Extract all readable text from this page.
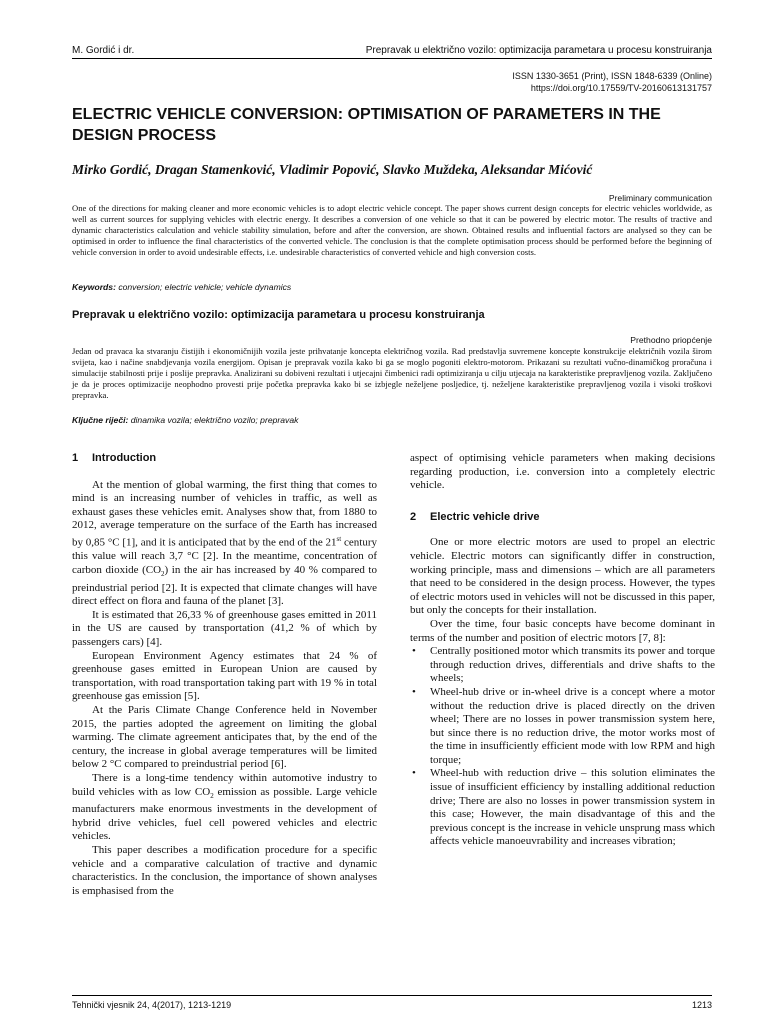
M. Gordić i dr.	Prepravak u električno vozilo: optimizacija parametara u procesu konstruiranja
ISSN 1330-3651 (Print), ISSN 1848-6339 (Online)
https://doi.org/10.17559/TV-20160613131757
ELECTRIC VEHICLE CONVERSION: OPTIMISATION OF PARAMETERS IN THE DESIGN PROCESS
Mirko Gordić, Dragan Stamenković, Vladimir Popović, Slavko Muždeka, Aleksandar Mićović
Preliminary communication

One of the directions for making cleaner and more economic vehicles is to adopt electric vehicle concept. The paper shows current design concepts for electric vehicles worldwide, as well as current sources for supplying vehicles with electric energy. It describes a conversion of one vehicle so that it can be powered by electric motor. The results of tractive and dynamic characteristics calculation and vehicle stability simulation, before and after the conversion, are shown. Obtained results and influential factors are analysed so they can be optimised in order to influence the final characteristics of the converted vehicle. The conclusion is that the complete optimisation process should be performed before the beginning of vehicle conversion in order to avoid undesirable effects, i.e. undesirable characteristics of converted vehicle and high conversion costs.

Keywords: conversion; electric vehicle; vehicle dynamics
Prepravak u električno vozilo: optimizacija parametara u procesu konstruiranja
Prethodno priopćenje

Jedan od pravaca ka stvaranju čistijih i ekonomičnijih vozila jeste prihvatanje koncepta električnog vozila. Rad predstavlja suvremene koncepte konstrukcije električnih vozila širom svijeta, kao i načine snabdjevanja vozila energijom. Opisan je prepravak vozila kako bi ga se moglo pogoniti elektro-motorom. Prikazani su rezultati vučno-dinamičkog proračuna i simulacije stabilnosti prije i poslije prepravka. Analizirani su dobiveni rezultati i utjecajni čimbenici radi optimiziranja u cilju utjecaja na karakteristike prepravljenog vozila. Zaključeno je da je proces optimizacije neophodno provesti prije početka prepravka kako bi se izbjegle neželjene posljedice, tj. neželjene karakteristike prepravljenog vozila i visoki troškovi prepravka.

Ključne riječi: dinamika vozila; električno vozilo; prepravak
1	Introduction

At the mention of global warming, the first thing that comes to mind is an increasing number of vehicles in traffic, as well as exhaust gases these vehicles emit. Analyses show that, from 1880 to 2012, average temperature on the surface of the Earth has increased by 0,85 °C [1], and it is anticipated that by the end of the 21st century this value will reach 3,7 °C [2]. In the meantime, concentration of carbon dioxide $(CO_2)$ in the air has increased by 40 % compared to preindustrial period [2]. It is expected that climate changes will have direct effect on flora and fauna of the planet [3].

It is estimated that 26,33 % of greenhouse gases emitted in 2011 in the US are caused by transportation (41,2 % of which by passengers cars) [4].

European Environment Agency estimates that 24 % of greenhouse gases emitted in European Union are caused by transportation, with road transportation taking part with 19 % in total greenhouse gas emission [5].

At the Paris Climate Change Conference held in November 2015, the parties adopted the agreement on limiting the global warming. The climate agreement anticipates that, by the end of the century, the increase in global average temperatures will be limited below 2 °C compared to preindustrial period [6].

There is a long-time tendency within automotive industry to build vehicles with as low $CO_2$ emission as possible. Large vehicle manufacturers make enormous investments in the development of hybrid drive vehicles, fuel cell powered vehicles and electric vehicles.

This paper describes a modification procedure for a specific vehicle and a comparative calculation of tractive and dynamic characteristics. In the conclusion, the importance of shown analyses is emphasised from the

aspect of optimising vehicle parameters when making decisions regarding production, i.e. conversion into a completely electric vehicle.

2	Electric vehicle drive

One or more electric motors are used to propel an electric vehicle. Electric motors can significantly differ in construction, working principle, mass and dimensions – which are all parameters that need to be considered in the design process. However, the types of electric motors used in vehicles will not be discussed in this paper, but only the concepts for their installation.

Over the time, four basic concepts have become dominant in terms of the number and position of electric motors [7, 8]:

• Centrally positioned motor which transmits its power and torque through reduction drives, differentials and drive shafts to the wheels;
• Wheel-hub drive or in-wheel drive is a concept where a motor without the reduction drive is placed directly on the driven wheel; There are no losses in power transmission system here, but since there is no reduction drive, the motor works most of the time in insufficiently efficient mode with low RPM and high torque;
• Wheel-hub with reduction drive – this solution eliminates the issue of insufficient efficiency by installing additional reduction drive; There are also no losses in power transmission system in this case; However, the main disadvantage of this and the previous concept is the increase in vehicle unsprung mass which affects vehicle manoeuvrability and increases vibration;
Tehnički vjesnik 24, 4(2017), 1213-1219	1213
